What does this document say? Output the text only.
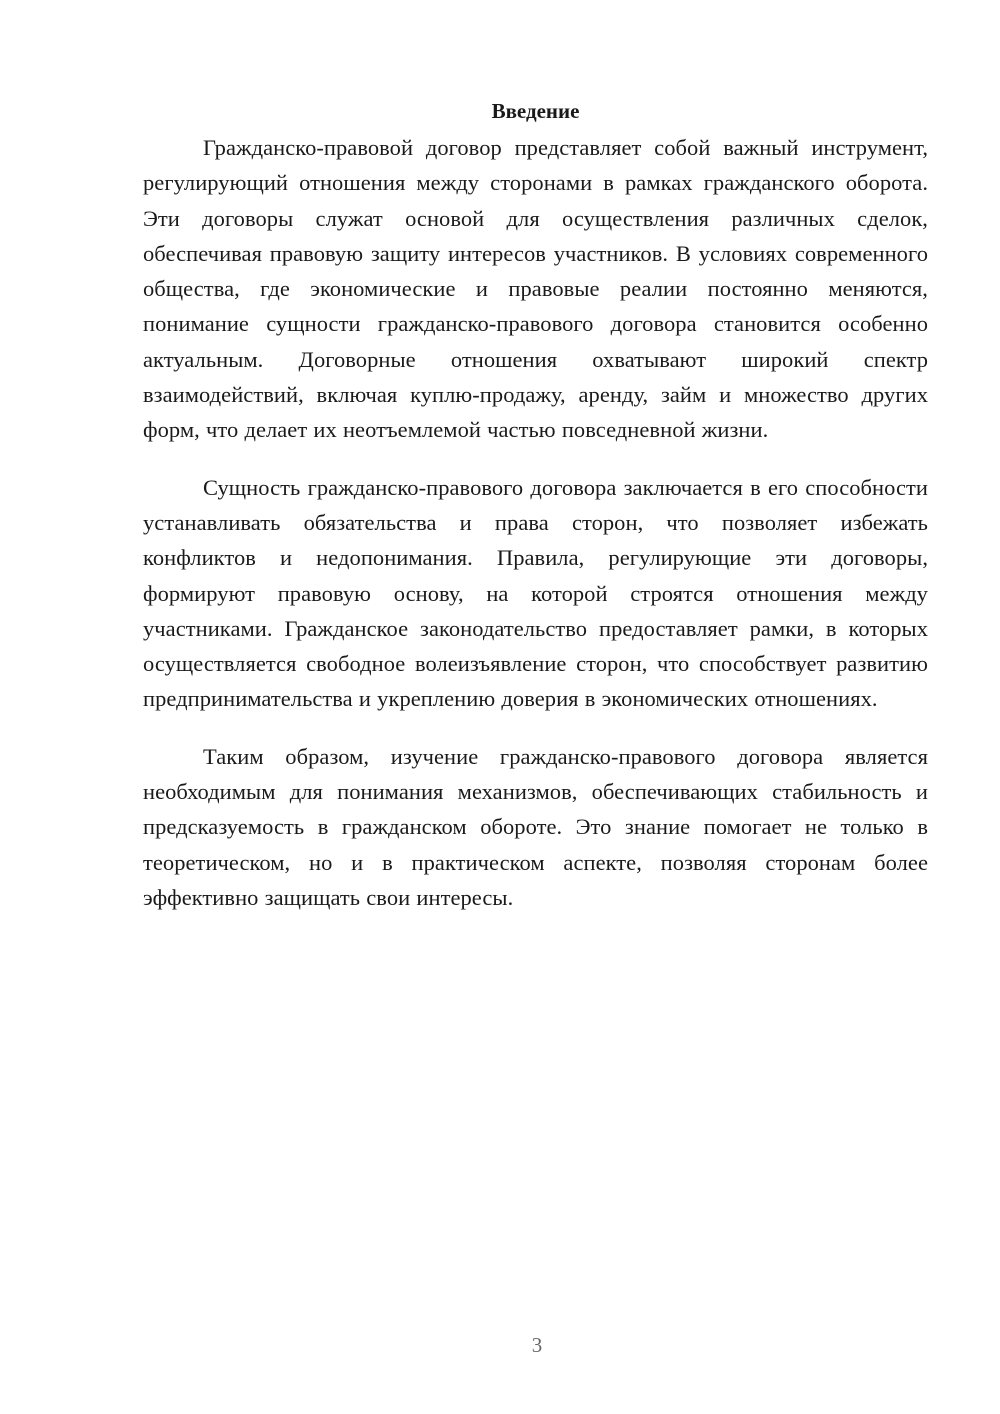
Введение

Гражданско-правовой договор представляет собой важный инструмент, регулирующий отношения между сторонами в рамках гражданского оборота. Эти договоры служат основой для осуществления различных сделок, обеспечивая правовую защиту интересов участников. В условиях современного общества, где экономические и правовые реалии постоянно меняются, понимание сущности гражданско-правового договора становится особенно актуальным. Договорные отношения охватывают широкий спектр взаимодействий, включая куплю-продажу, аренду, займ и множество других форм, что делает их неотъемлемой частью повседневной жизни.

Сущность гражданско-правового договора заключается в его способности устанавливать обязательства и права сторон, что позволяет избежать конфликтов и недопонимания. Правила, регулирующие эти договоры, формируют правовую основу, на которой строятся отношения между участниками. Гражданское законодательство предоставляет рамки, в которых осуществляется свободное волеизъявление сторон, что способствует развитию предпринимательства и укреплению доверия в экономических отношениях.

Таким образом, изучение гражданско-правового договора является необходимым для понимания механизмов, обеспечивающих стабильность и предсказуемость в гражданском обороте. Это знание помогает не только в теоретическом, но и в практическом аспекте, позволяя сторонам более эффективно защищать свои интересы.

3
